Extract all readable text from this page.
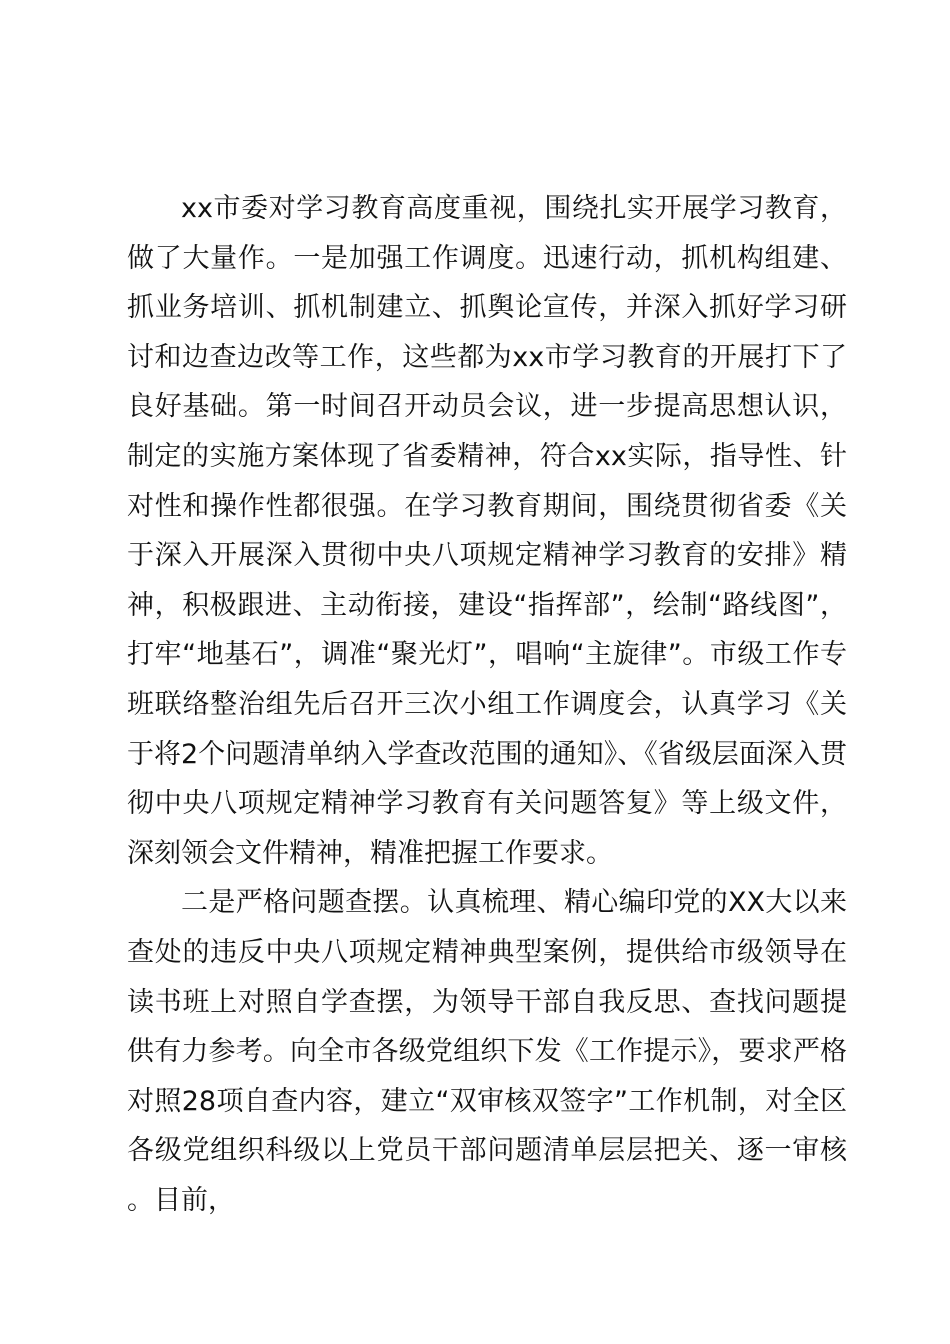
xx市委对学习教育高度重视，围绕扎实开展学习教育，做了大量作。一是加强工作调度。迅速行动，抓机构组建、抓业务培训、抓机制建立、抓舆论宣传，并深入抓好学习研讨和边查边改等工作，这些都为xx市学习教育的开展打下了良好基础。第一时间召开动员会议，进一步提高思想认识，制定的实施方案体现了省委精神，符合xx实际，指导性、针对性和操作性都很强。在学习教育期间，围绕贯彻省委《关于深入开展深入贯彻中央八项规定精神学习教育的安排》精神，积极跟进、主动衔接，建设“指挥部”，绘制“路线图”，打牢“地基石”，调准“聚光灯”，唱响“主旋律”。市级工作专班联络整治组先后召开三次小组工作调度会，认真学习《关于将2个问题清单纳入学查改范围的通知》、《省级层面深入贯彻中央八项规定精神学习教育有关问题答复》等上级文件，深刻领会文件精神，精准把握工作要求。

二是严格问题查摆。认真梳理、精心编印党的XX大以来查处的违反中央八项规定精神典型案例，提供给市级领导在读书班上对照自学查摆，为领导干部自我反思、查找问题提供有力参考。向全市各级党组织下发《工作提示》，要求严格对照28项自查内容，建立“双审核双签字”工作机制，对全区各级党组织科级以上党员干部问题清单层层把关、逐一审核。目前，
